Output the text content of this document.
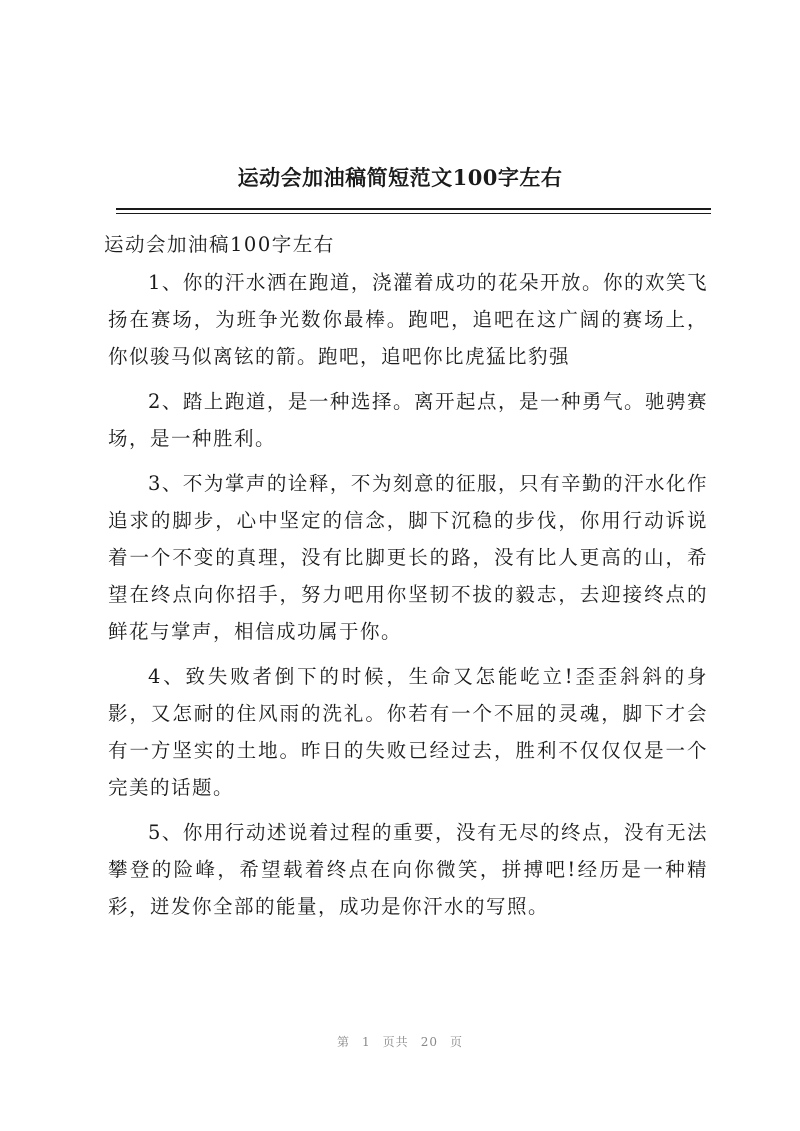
运动会加油稿简短范文100字左右

运动会加油稿100字左右

1、你的汗水洒在跑道，浇灌着成功的花朵开放。你的欢笑飞扬在赛场，为班争光数你最棒。跑吧，追吧在这广阔的赛场上，你似骏马似离铉的箭。跑吧，追吧你比虎猛比豹强

2、踏上跑道，是一种选择。离开起点，是一种勇气。驰骋赛场，是一种胜利。

3、不为掌声的诠释，不为刻意的征服，只有辛勤的汗水化作追求的脚步，心中坚定的信念，脚下沉稳的步伐，你用行动诉说着一个不变的真理，没有比脚更长的路，没有比人更高的山，希望在终点向你招手，努力吧用你坚韧不拔的毅志，去迎接终点的鲜花与掌声，相信成功属于你。

4、致失败者倒下的时候，生命又怎能屹立!歪歪斜斜的身影，又怎耐的住风雨的洗礼。你若有一个不屈的灵魂，脚下才会有一方坚实的土地。昨日的失败已经过去，胜利不仅仅仅是一个完美的话题。

5、你用行动述说着过程的重要，没有无尽的终点，没有无法攀登的险峰，希望载着终点在向你微笑，拼搏吧!经历是一种精彩，迸发你全部的能量，成功是你汗水的写照。

第 1 页共 20 页
